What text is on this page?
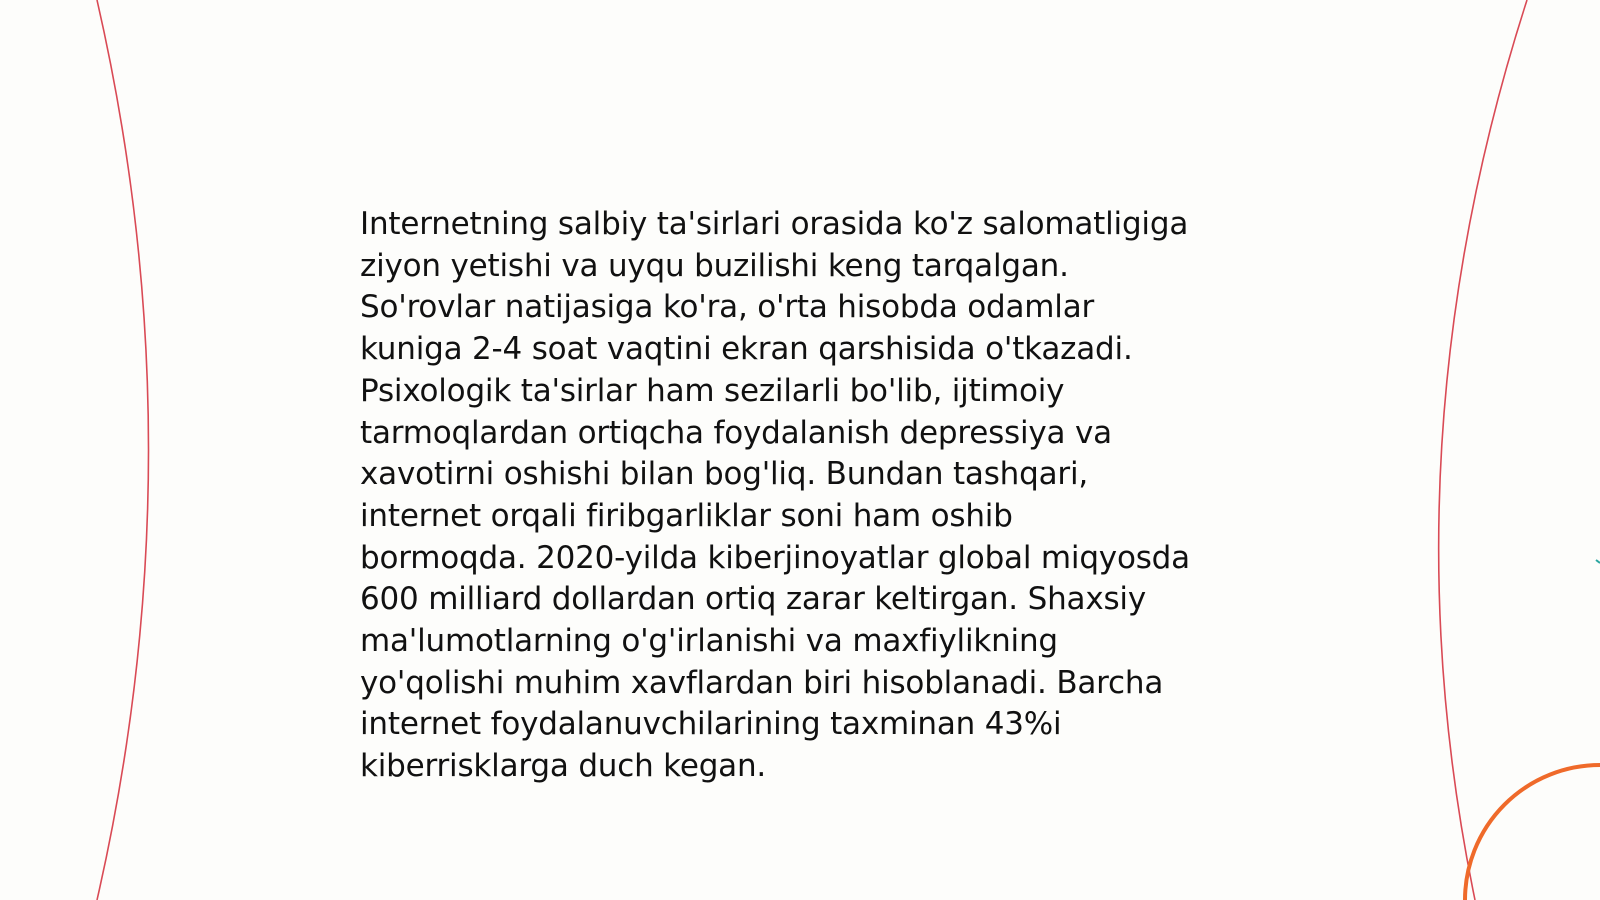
Internetning salbiy ta'sirlari orasida ko'z salomatligiga
ziyon yetishi va uyqu buzilishi keng tarqalgan.
So'rovlar natijasiga ko'ra, o'rta hisobda odamlar
kuniga 2-4 soat vaqtini ekran qarshisida o'tkazadi.
Psixologik ta'sirlar ham sezilarli bo'lib, ijtimoiy
tarmoqlardan ortiqcha foydalanish depressiya va
xavotirni oshishi bilan bog'liq. Bundan tashqari,
internet orqali firibgarliklar soni ham oshib
bormoqda. 2020-yilda kiberjinoyatlar global miqyosda
600 milliard dollardan ortiq zarar keltirgan. Shaxsiy
ma'lumotlarning o'g'irlanishi va maxfiylikning
yo'qolishi muhim xavflardan biri hisoblanadi. Barcha
internet foydalanuvchilarining taxminan 43%i
kiberrisklarga duch kegan.
